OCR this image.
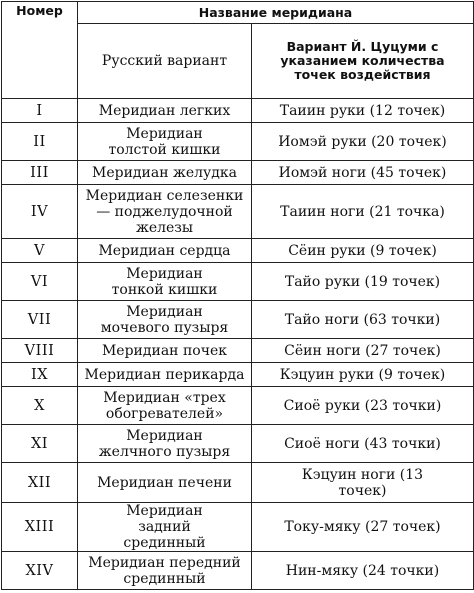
Номер	Название меридиана	
	Русский вариант	Вариант Й. Цуцуми с указанием количества точек воздействия
I	Меридиан легких	Таиин руки (12 точек)
II	Меридиан толстой кишки	Иомэй руки (20 точек)
III	Меридиан желудка	Иомэй ноги (45 точек)
IV	Меридиан селезенки — поджелудочной железы	Таиин ноги (21 точка)
V	Меридиан сердца	Сёин руки (9 точек)
VI	Меридиан тонкой кишки	Тайо руки (19 точек)
VII	Меридиан мочевого пузыря	Тайо ноги (63 точки)
VIII	Меридиан почек	Сёин ноги (27 точек)
IX	Меридиан перикарда	Кэцуин руки (9 точек)
X	Меридиан «трех обогревателей»	Сиоё руки (23 точки)
XI	Меридиан желчного пузыря	Сиоё ноги (43 точки)
XII	Меридиан печени	Кэцуин ноги (13 точек)
XIII	Меридиан задний срединный	Току-мяку (27 точек)
XIV	Меридиан передний срединный	Нин-мяку (24 точки)
